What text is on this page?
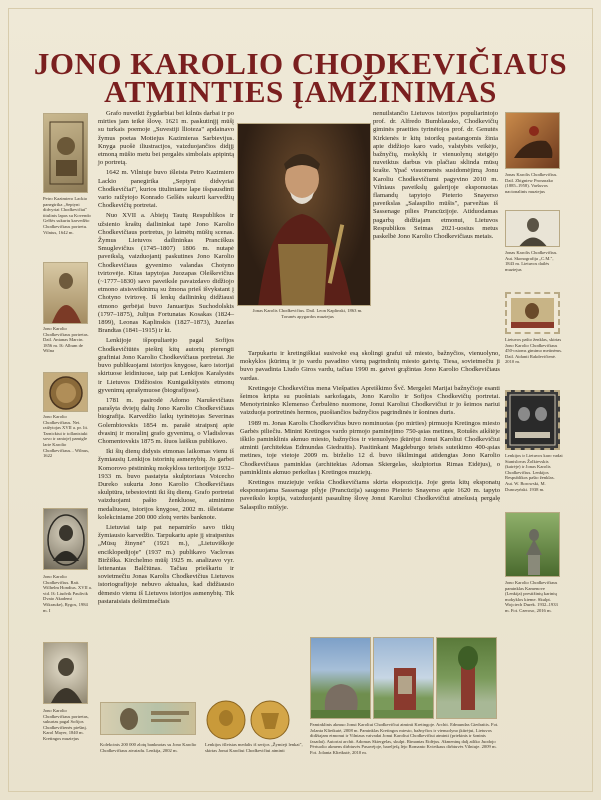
JONO KAROLIO CHODKEVIČIAUS
ATMINTIES ĮAMŽINIMAS
Petro Kazimiero Lackio panegirika „Septyni didvyriai Chodkevičiai" titulinis lapas su Kovendo Gelšės sukurtu karvedžio Chodkevičiaus portretu. Vilnius, 1642 m.
Jono Karolio Chodkevičiaus portretas. Dail. Antanas Marcin. 1856 m. Iš: Album de Wilna
Jono Karolio Chodkevičiaus. Nei. raižytojas XVII a. pr. lit. Tarnickiui ir tollanisiuki sovo ir ranioje) pamigle larie Karolio Chodkevičiaus... Wilnus, 1622
Jono Karolio Chodkevičius. Rait. Wilhelm Hondius. XVII a. vid. Iš: Liudvik Paulivik Dvaio Akademi Wikrauke), Rygos, 1984 m. I
Jono Karolio Chodkevičiaus portretas, sukurtas pagal Sofijos Chodkevičienės piešinį. Karol Mayer, 1840 m. Kretingos muziejus

Grafo nuveikti žygdarbiai bei kilnūs darbai ir po mirties jam teikė šlovę. 1621 m. paskutinįjį mūšį su turkais poemoje „Suvestiji llioteza" apdainavo žymus poetas Motiejus Kazimieras Sarbievijus. Knyga puošė iliustracijos, vaizduojančios didįjį etmoną mūšio metu bei pergalės simbolais apipintą jo portretą.

1642 m. Vilniuje buvo išleista Petro Kazimiero Lackio panegirika „Septyni didvyriai Chodkevičiai", kurios tituliniame lape išspausdinti vario raižytojo Konrado Gelšės sukurti karvedžių Chodkevičių portretai.

Nuo XVII a. Abiejų Tautų Respublikos ir užsienio kraštų dailininkai tapė Jono Karolio Chodkevičiaus portretus, jo laimėtų mūšių scenas. Žymus Lietuvos dailininkas Pranciškus Smuglevičius (1745–1807) 1806 m. nutapė paveikslą, vaizduojantį paskutines Jono Karolio Chodkevičiaus gyvenimo valandas Chotyno tvirtovėje. Kitas tapytojas Juozapas Oleškevičius (~1777–1830) savo paveiksle pavaizdavo didžiojo etmono atsisveikinimą su žmona prieš išvykstant į Chotyno tvirtovę. Iš lenkų dailininkų didžiausi etmono gerbėjai buvo Januarijus Suchodolskis (1797–1875), Julijus Fortunatas Kosakas (1824–1899), Leonas Kaplinskis (1827–1873), Juzefas Brandtas (1841–1915) ir kt.

Lenkijoje išpopuliarėjo pagal Sofijos Chodkevičiūtės piešinį kitų autorių pierengti grafiniai Jono Karolio Chodkevičiaus portretai. Jie buvo publikuojami istorijos knygose, karo istorijai skirtuose leidiniuose, taip pat Lenkijos Karalystės ir Lietuvos Didžiosios Kunigaikštystės etmonų gyvenimų aprašymuose (biografijose).

1781 m. pasirodė Adomo Naruševičiaus parašyta dviejų dalių Jono Karolio Chodkevičiaus biografija. Karvedžio laikų tyrinėtojas Severinas Golembiovskis 1854 m. parašė straipsnį apie dvasinį ir moralinį grafo gyvenimą, o Vladislovas Chomentovskis 1875 m. šiuos laiškus publikavo.

Iki šių dienų didysis etmonas laikomas vienu iš žymiausių Lenkijos istorinių asmenybių. Jo garbei Komorovo pėstininkų mokykloss teritorijoje 1932–1933 m. buvo pastatyta skulptoriaus Voicecho Dureko sukurta Jono Karolio Chodkevičiaus skulptūra, tebestovinti iki šių dienų. Grafo portretai vaizduojami pašto ženkluose, atminimo medaliuose, istorijos knygose, 2002 m. išleistame kolekciniame 200 000 zlotų vertės banknote.

Lietuviai taip pat nepamiršo savo tikių žymiausio karvedžio. Tarpukariu apie jį straipsnius „Mūsų žinynė" (1921 m.), „Lietuviškoje enciklopedijoje" (1937 m.) publikavo Vaclovas Biržiška. Kirchelmo mūšį 1925 m. analizavo vyr. leitenantas Balčiūnas. Tačiau prieškariu ir sovietmečiu Jonas Karolis Chodkevičius Lietuvos istoriografijoje nebuvo aktualus, kad didžiausio dėmesio vienu iš Lietuvos istorijos asmenybių. Tik pastaraisiais dešimtmečiais

Jonas Karolis Chodkevičius. Dail. Leon Kaplinski, 1863 m. Torunės apygardos muziejus

nenuilstančio Lietuvos istorijos populiarintojo prof. dr. Alfredo Bumblausko, Chodkevičių giminės praeities tyrinėtojos prof. dr. Genutės Kirkienės ir kitų istorikų pastangomis žinia apie didžiojo karo vado, valstybės veikėjo, bažnyčių, mokyklų ir vienuolynų steigėjo nuveiktus darbus vis plačiau sklinda mūsų krašte. Ypač visuomenės susidomėjimą Jonu Karoliu Chodkevičiumi pagyvino 2010 m. Vilniaus paveikslų galerijoje eksponuotas flamandų tapytojo Pieterio Snayerso paveikslas „Salaspilio mūšis", parvežtas iš Sassenage pilies Prancūzijoje. Atiduodamas pagarbą didžiajam etmonui, Lietuvos Respublikos Seimas 2021-uosius metus paskelbė Jono Karolio Chodkevičiaus metais.

Tarpukariu ir kretingiškiai susivokė esą skolingi grafui už miesto, bažnyčios, vienuolyno, mokyklos įkūrimą ir jo vardu pavadino vieną pagrindinių miesto gatvių. Tiesa, sovietmečiu ji buvo pavadinta Liudo Giros vardu, tačiau 1990 m. gatvei grąžintas Jono Karolio Chodkevičiaus vardas.

Kretingoje Chodkevičius mena Viešpaties Apreiškimo Švč. Mergelei Marijai bažnyčioje esanti šeimos kripta su puošniais sarkofagais, Jono Karolio ir Sofijos Chodkevičių portretai. Menotyrininko Klemenso Čerbulėno nuomone, Jonui Karoliui Chodkevičiui ir jo šeimos nariui vaizduoja portretinės hermos, puošiančios bažnyčios pagrindinės ir šonines duris.

1989 m. Jonas Karolis Chodkevičius buvo nominuotas (po mirties) pirmuoju Kretingos miesto Garbės piliečiu. Minint Kretingos vardo pirmojo paminėjimo 750-ąsias metines, Rotušės aikštėje iškilo paminklinis akmuo miesto, bažnyčios ir vienuolyno įkūrėjui Jonui Karoliui Chodkevičiui atminti (architektas Edmundas Giedraitis). Pasitinkant Magdeburgo teisės suteikimo 400-ąsias metines, toje vietoje 2009 m. birželio 12 d. buvo iškilmingai atidengtas Jono Karolio Chodkevičiaus paminklas (architektas Adomas Skiergelas, skulptorius Rimas Eidėjus), o paminklinis akmuo perkeltas į Kretingos muziejų.

Kretingos muziejuje veikia Chodkevičiams skirta ekspozicija. Joje greta kitų eksponatų eksponuojama Sassenage pilyje (Prancūzija) saugomo Pieterio Snayerso apie 1620 m. tapyto paveikslo kopija, vaizduojanti pasaulinę šlovę Jonui Karoliui Chodkevičiui atnešusią pergalę Salaspilio mūšyje.

Jonas Karolis Chodkevičius. Dail. Zbigniew Pronaszko (1885–1958). Varšuvos nacionalinis muziejus
Jonas Karolis Chodkevičius. Aut. Skonografija „C.M.", 1843 m. Lietuvos dailės muziejus
Lietuvos pašto ženklas, skirtas Jono Karolio Chodkevičiaus 450-osioms gimimo metinėms. Dail. Aidanti Rakdevičienė. 2010 m.
Lenkijos ir Lietuvos karo vadai Stanislovas Žolkievskis (kairėje) ir Jonas Karolis Chodkevičius. Lenkijos Respublikos pašto ženklas. Aut. W. Borowski, M. Dunczyński. 1938 m.
Jono Karolio Chodkevičiaus paminklas Kamenove (Lenkija) prestižinių karinių mokyklos kieme. Skulpt. Wojciech Durek. 1932–1933 m. Fot. Czeroso, 2016 m.
Kolekcinis 200 000 zlotų banknotas su Jono Karolio Chodkevičiaus atvaizdu. Lenkija, 2002 m.
Lenkijos išleistas medalis iš serijos „Žymieji lenkai", skirtas Jonui Karoliui Chodkevičiui atminti
Paminklinis akmuo Jonui Karoliui Chodkevičiui atminti Kretingoje. Archit. Edmundas Giedraitis. Fot. Jolanta Klietkutė, 2008 m. Paminklas Kretingos miesto, bažnyčios ir vienuolyno įkūrėjui, Lietuvos didžiajam etmonui ir Vilniaus vaivadai Jonui Karoliui Chodkevičiui atminti (priekinis ir šoninis fasadai). Autoriai archit. Adomas Skiergelas, skulpt. Rimantas Eidėjus. Akmeninę dalį atliko Juodojo Pėrtuolio akmens dirbtuvės Pasavėjoje, bareljefą lėjo Romanto Kvietkaus dirbtuvės Vilniuje. 2009 m. Fot. Jolanta Klietkutė, 2010 m.
